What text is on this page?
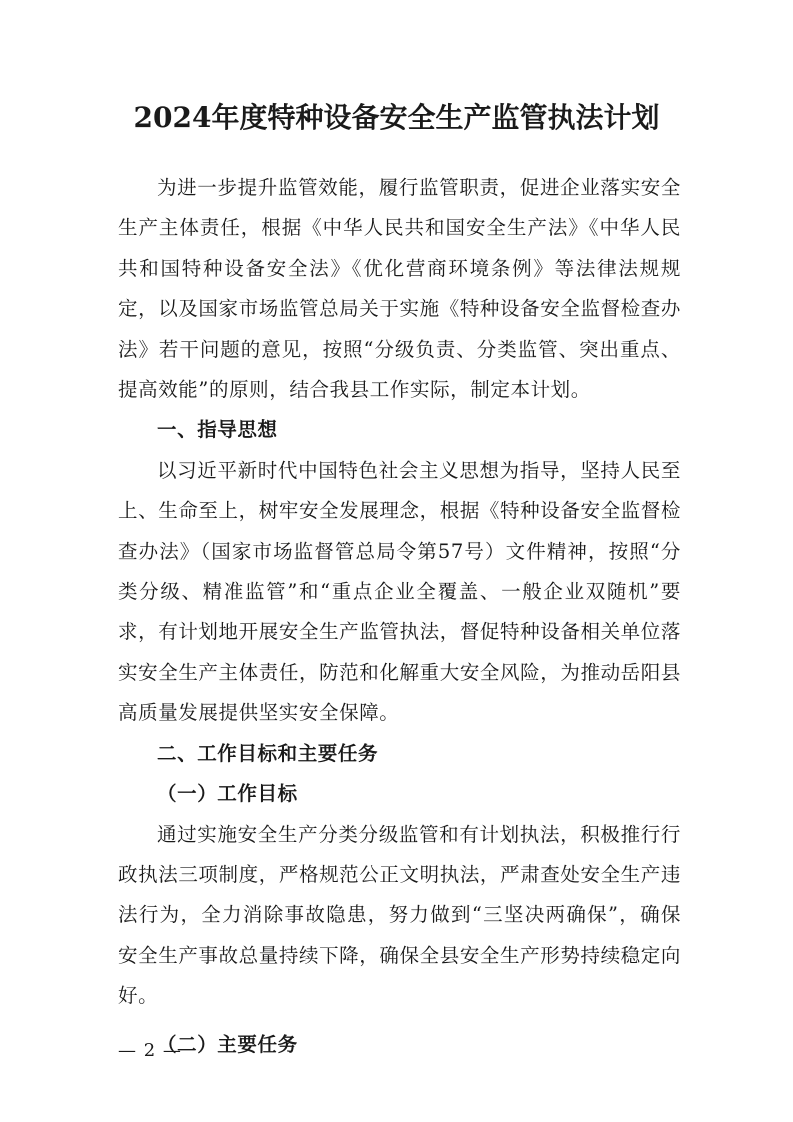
2024年度特种设备安全生产监管执法计划

为进一步提升监管效能，履行监管职责，促进企业落实安全生产主体责任，根据《中华人民共和国安全生产法》《中华人民共和国特种设备安全法》《优化营商环境条例》等法律法规规定，以及国家市场监管总局关于实施《特种设备安全监督检查办法》若干问题的意见，按照“分级负责、分类监管、突出重点、提高效能”的原则，结合我县工作实际，制定本计划。

一、指导思想

以习近平新时代中国特色社会主义思想为指导，坚持人民至上、生命至上，树牢安全发展理念，根据《特种设备安全监督检查办法》（国家市场监督管总局令第57号）文件精神，按照“分类分级、精准监管”和“重点企业全覆盖、一般企业双随机”要求，有计划地开展安全生产监管执法，督促特种设备相关单位落实安全生产主体责任，防范和化解重大安全风险，为推动岳阳县高质量发展提供坚实安全保障。

二、工作目标和主要任务

（一）工作目标

通过实施安全生产分类分级监管和有计划执法，积极推行行政执法三项制度，严格规范公正文明执法，严肃查处安全生产违法行为，全力消除事故隐患，努力做到“三坚决两确保”，确保安全生产事故总量持续下降，确保全县安全生产形势持续稳定向好。

（二）主要任务

— 2 —
